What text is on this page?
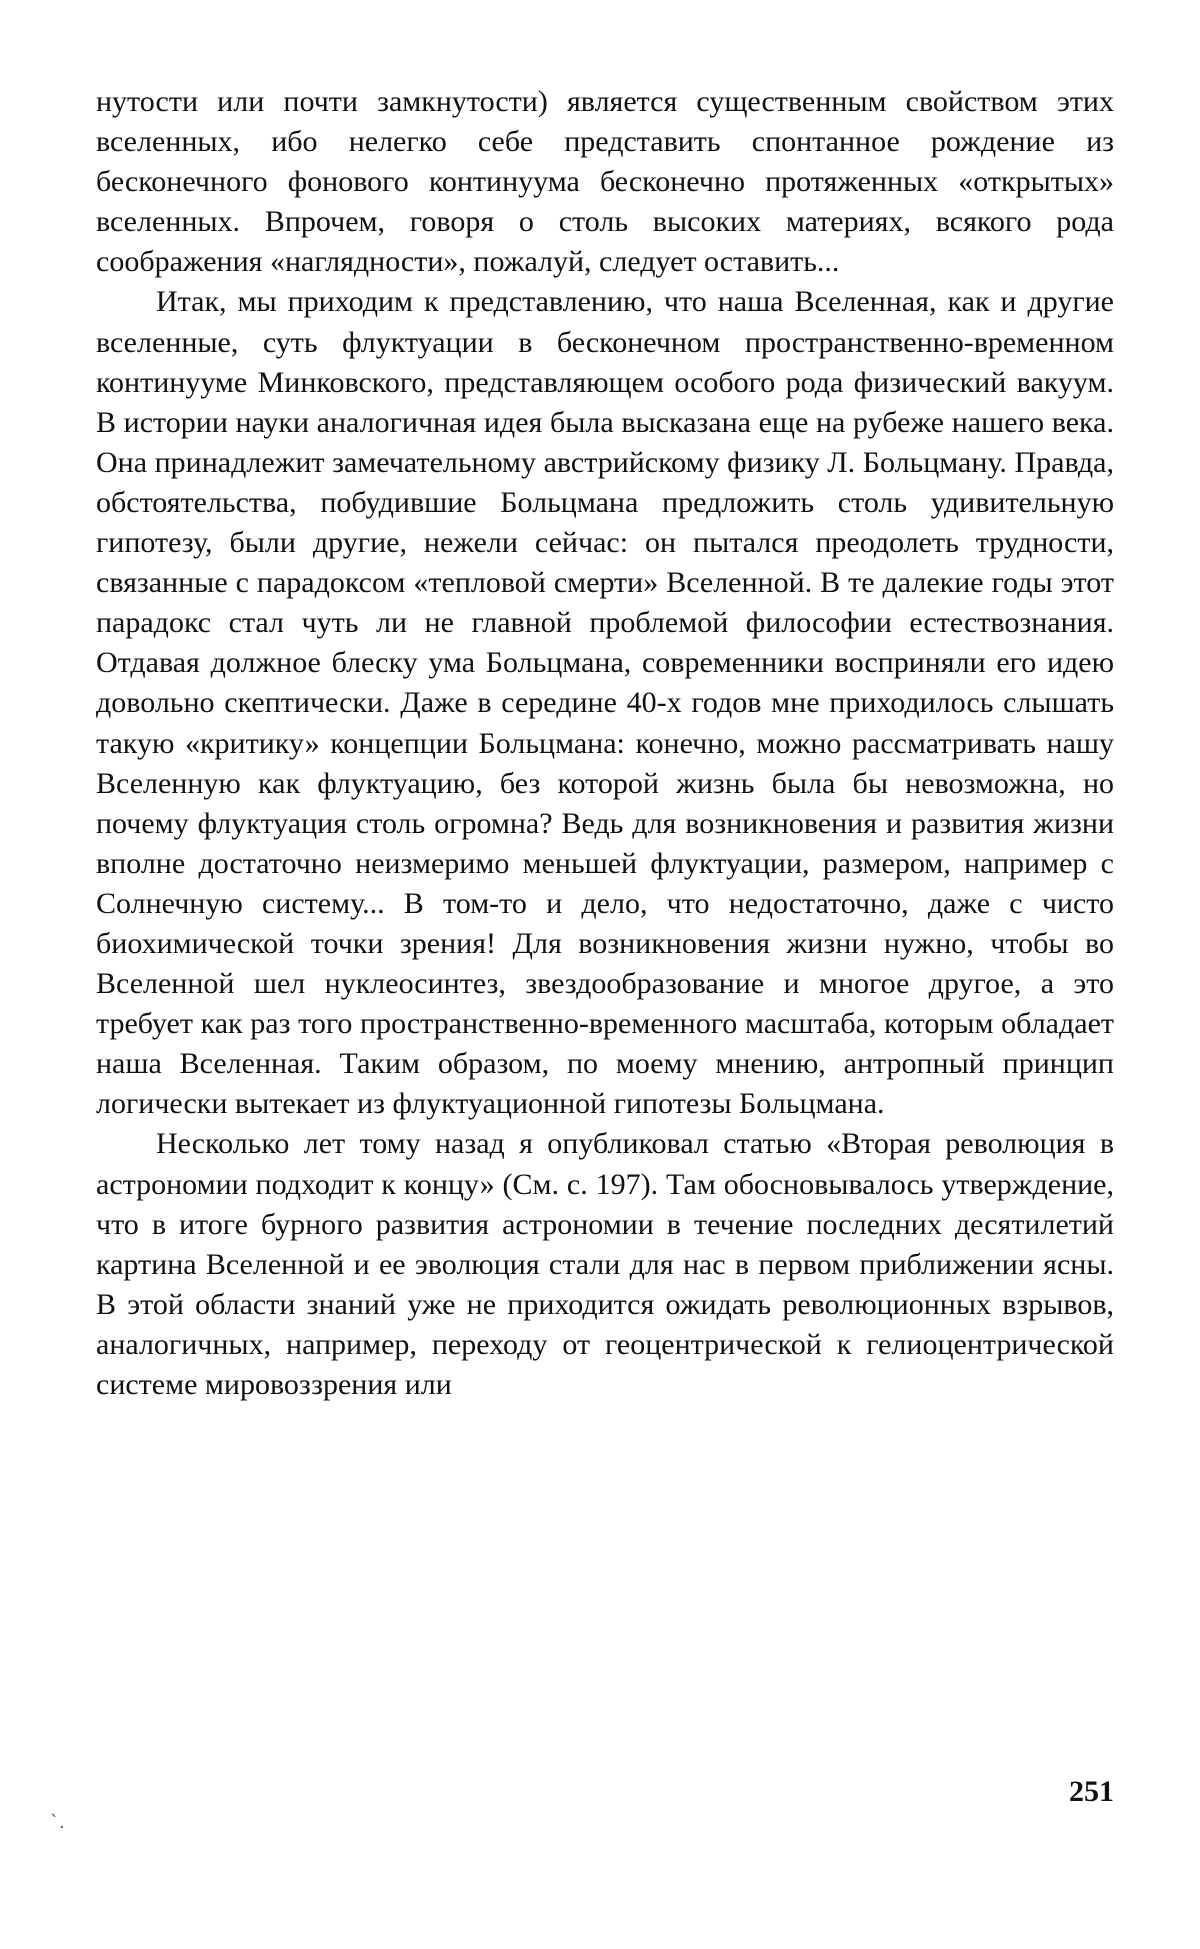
нутости или почти замкнутости) является существенным свойством этих вселенных, ибо нелегко себе представить спонтанное рождение из бесконечного фонового континуума бесконечно протяженных «открытых» вселенных. Впрочем, говоря о столь высоких материях, всякого рода соображения «наглядности», пожалуй, следует оставить...

Итак, мы приходим к представлению, что наша Вселенная, как и другие вселенные, суть флуктуации в бесконечном пространственно-временном континууме Минковского, представляющем особого рода физический вакуум. В истории науки аналогичная идея была высказана еще на рубеже нашего века. Она принадлежит замечательному австрийскому физику Л. Больцману. Правда, обстоятельства, побудившие Больцмана предложить столь удивительную гипотезу, были другие, нежели сейчас: он пытался преодолеть трудности, связанные с парадоксом «тепловой смерти» Вселенной. В те далекие годы этот парадокс стал чуть ли не главной проблемой философии естествознания. Отдавая должное блеску ума Больцмана, современники восприняли его идею довольно скептически. Даже в середине 40-х годов мне приходилось слышать такую «критику» концепции Больцмана: конечно, можно рассматривать нашу Вселенную как флуктуацию, без которой жизнь была бы невозможна, но почему флуктуация столь огромна? Ведь для возникновения и развития жизни вполне достаточно неизмеримо меньшей флуктуации, размером, например с Солнечную систему... В том-то и дело, что недостаточно, даже с чисто биохимической точки зрения! Для возникновения жизни нужно, чтобы во Вселенной шел нуклеосинтез, звездообразование и многое другое, а это требует как раз того пространственно-временного масштаба, которым обладает наша Вселенная. Таким образом, по моему мнению, антропный принцип логически вытекает из флуктуационной гипотезы Больцмана.

Несколько лет тому назад я опубликовал статью «Вторая революция в астрономии подходит к концу» (См. с. 197). Там обосновывалось утверждение, что в итоге бурного развития астрономии в течение последних десятилетий картина Вселенной и ее эволюция стали для нас в первом приближении ясны. В этой области знаний уже не приходится ожидать революционных взрывов, аналогичных, например, переходу от геоцентрической к гелиоцентрической системе мировоззрения или

251
`.
